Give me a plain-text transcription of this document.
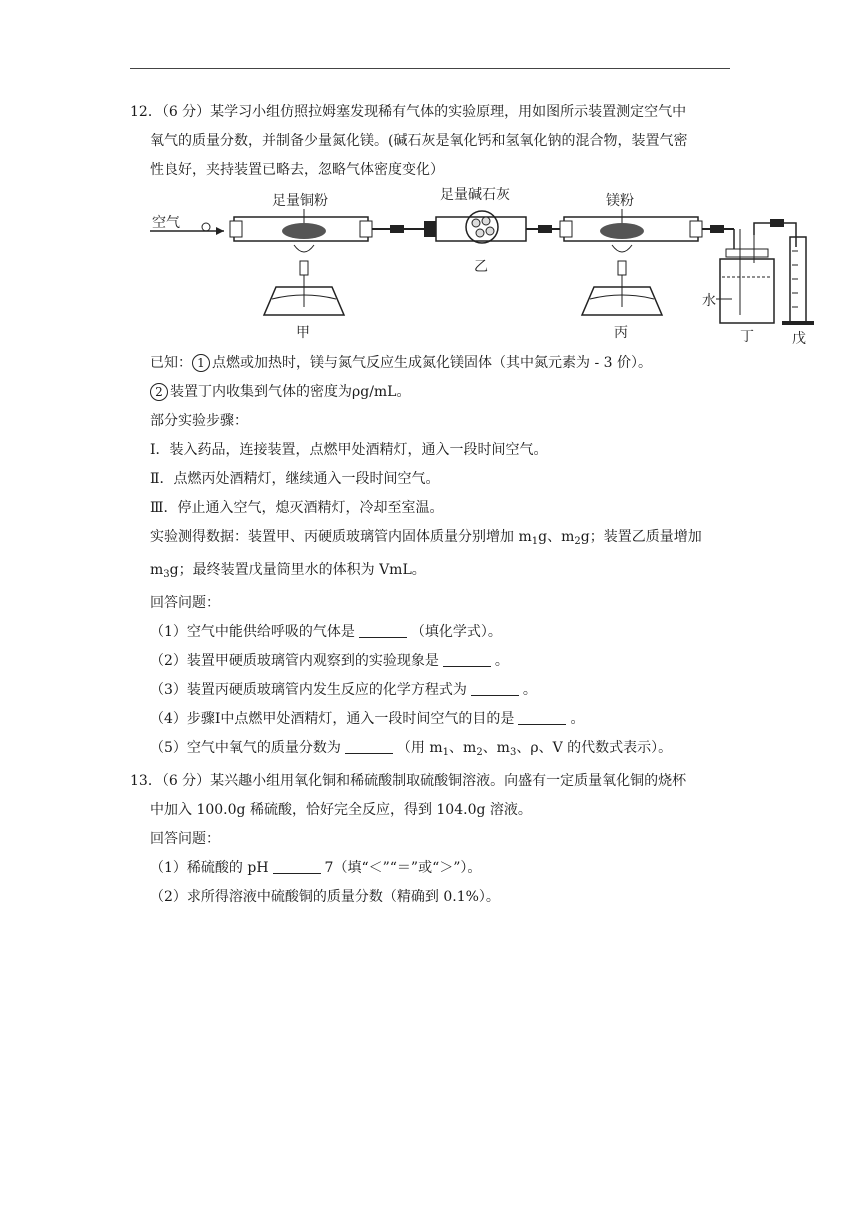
12．（6 分）某学习小组仿照拉姆塞发现稀有气体的实验原理，用如图所示装置测定空气中
氧气的质量分数，并制备少量氮化镁。(碱石灰是氧化钙和氢氧化钠的混合物，装置气密
性良好，夹持装置已略去，忽略气体密度变化）
空气
足量铜粉
甲
足量碱石灰
乙
镁粉
丙
水
丁	戊
已知： 1 点燃或加热时，镁与氮气反应生成氮化镁固体（其中氮元素为 - 3 价）。
2 装置丁内收集到气体的密度为ρg/mL。
部分实验步骤：
Ⅰ．装入药品，连接装置，点燃甲处酒精灯，通入一段时间空气。
Ⅱ．点燃丙处酒精灯，继续通入一段时间空气。
Ⅲ．停止通入空气，熄灭酒精灯，冷却至室温。
实验测得数据：装置甲、丙硬质玻璃管内固体质量分别增加 $m_1g$、$m_2g$；装置乙质量增加
$m_3g$；最终装置戊量筒里水的体积为 VmL。
回答问题：
（1）空气中能供给呼吸的气体是	（填化学式）。
（2）装置甲硬质玻璃管内观察到的实验现象是	。
（3）装置丙硬质玻璃管内发生反应的化学方程式为	。
（4）步骤Ⅰ中点燃甲处酒精灯，通入一段时间空气的目的是	。
（5）空气中氧气的质量分数为	（用 $m_1$、$m_2$、$m_3$、ρ、V 的代数式表示）。
13．（6 分）某兴趣小组用氧化铜和稀硫酸制取硫酸铜溶液。向盛有一定质量氧化铜的烧杯
中加入 100.0g 稀硫酸，恰好完全反应，得到 104.0g 溶液。
回答问题：
（1）稀硫酸的 pH	7（填“＜”“＝”或“＞”）。
（2）求所得溶液中硫酸铜的质量分数（精确到 0.1%）。
